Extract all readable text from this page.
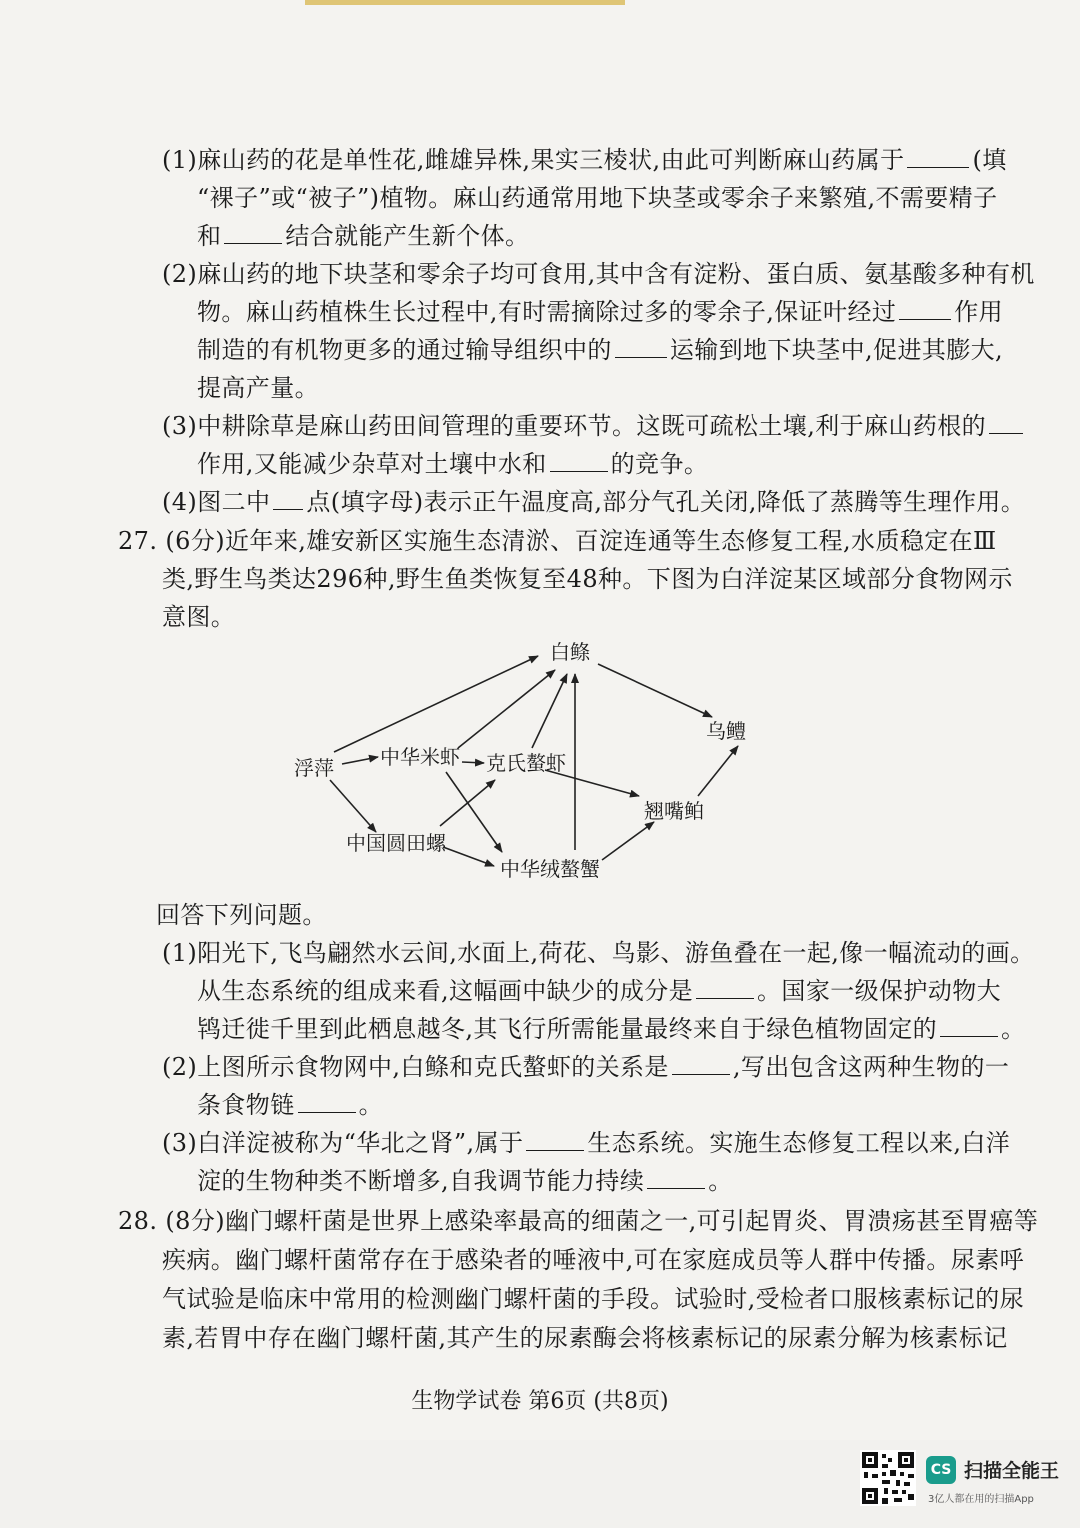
(1)麻山药的花是单性花,雌雄异株,果实三棱状,由此可判断麻山药属于	(填
“裸子”或“被子”)植物。麻山药通常用地下块茎或零余子来繁殖,不需要精子
和	结合就能产生新个体。
(2)麻山药的地下块茎和零余子均可食用,其中含有淀粉、蛋白质、氨基酸多种有机
物。麻山药植株生长过程中,有时需摘除过多的零余子,保证叶经过 作用
制造的有机物更多的通过输导组织中的 运输到地下块茎中,促进其膨大,
提高产量。
(3)中耕除草是麻山药田间管理的重要环节。这既可疏松土壤,利于麻山药根的
作用,又能减少杂草对土壤中水和	的竞争。
(4)图二中 点(填字母)表示正午温度高,部分气孔关闭,降低了蒸腾等生理作用。
27. (6分)近年来,雄安新区实施生态清淤、百淀连通等生态修复工程,水质稳定在Ⅲ
类,野生鸟类达296种,野生鱼类恢复至48种。下图为白洋淀某区域部分食物网示
意图。
白鲦
乌鳢
浮萍 中华米虾 克氏螯虾
翘嘴鲌
中国圆田螺
中华绒螯蟹
回答下列问题。
(1)阳光下,飞鸟翩然水云间,水面上,荷花、鸟影、游鱼叠在一起,像一幅流动的画。
从生态系统的组成来看,这幅画中缺少的成分是	。国家一级保护动物大
鸨迁徙千里到此栖息越冬,其飞行所需能量最终来自于绿色植物固定的	。
(2)上图所示食物网中,白鲦和克氏螯虾的关系是	,写出包含这两种生物的一
条食物链	。
(3)白洋淀被称为“华北之肾”,属于	生态系统。实施生态修复工程以来,白洋
淀的生物种类不断增多,自我调节能力持续	。
28. (8分)幽门螺杆菌是世界上感染率最高的细菌之一,可引起胃炎、胃溃疡甚至胃癌等
疾病。幽门螺杆菌常存在于感染者的唾液中,可在家庭成员等人群中传播。尿素呼
气试验是临床中常用的检测幽门螺杆菌的手段。试验时,受检者口服核素标记的尿
素,若胃中存在幽门螺杆菌,其产生的尿素酶会将核素标记的尿素分解为核素标记
生物学试卷 第6页 (共8页)
CS 扫描全能王
3亿人都在用的扫描App
